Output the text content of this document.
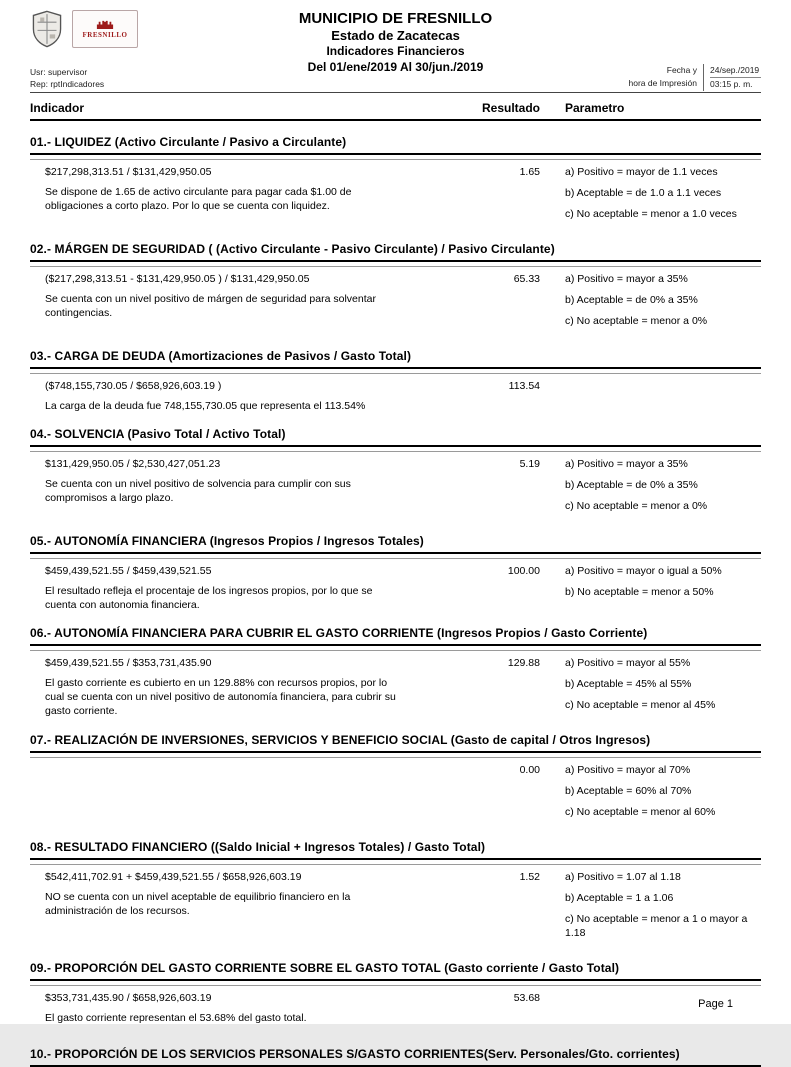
FRESNILLO
MUNICIPIO DE FRESNILLO
Estado de Zacatecas
Indicadores Financieros
Del 01/ene/2019 Al 30/jun./2019
Usr: supervisor
Rep: rptIndicadores
Fecha y
hora de Impresión
24/sep./2019
03:15 p. m.
Indicador	Resultado	Parametro
01.- LIQUIDEZ (Activo Circulante / Pasivo a Circulante)
$217,298,313.51 / $131,429,950.05
Se dispone de 1.65 de activo circulante para pagar cada $1.00 de obligaciones a corto plazo. Por lo que se cuenta con liquidez.
1.65 a) Positivo = mayor de 1.1 veces
b) Aceptable = de 1.0 a 1.1 veces
c) No aceptable = menor a 1.0 veces
02.- MÁRGEN DE SEGURIDAD ( (Activo Circulante - Pasivo Circulante) / Pasivo Circulante)
($217,298,313.51 - $131,429,950.05 ) / $131,429,950.05
Se cuenta con un nivel positivo de márgen de seguridad para solventar contingencias.
65.33 a) Positivo = mayor a 35%
b) Aceptable = de 0% a 35%
c) No aceptable = menor a 0%
03.- CARGA DE DEUDA (Amortizaciones de Pasivos / Gasto Total)
($748,155,730.05 / $658,926,603.19 )
La carga de la deuda fue 748,155,730.05 que representa el 113.54%
113.54
04.- SOLVENCIA (Pasivo Total / Activo Total)
$131,429,950.05 / $2,530,427,051.23
Se cuenta con un nivel positivo de solvencia para cumplir con sus compromisos a largo plazo.
5.19 a) Positivo = mayor a 35%
b) Aceptable = de 0% a 35%
c) No aceptable = menor a 0%
05.- AUTONOMÍA FINANCIERA (Ingresos Propios / Ingresos Totales)
$459,439,521.55 / $459,439,521.55
El resultado refleja el procentaje de los ingresos propios, por lo que se cuenta con autonomia financiera.
100.00 a) Positivo = mayor o igual a 50%
b) No aceptable = menor a 50%
06.- AUTONOMÍA FINANCIERA PARA CUBRIR EL GASTO CORRIENTE (Ingresos Propios / Gasto Corriente)
$459,439,521.55 / $353,731,435.90
El gasto corriente es cubierto en un 129.88% con recursos propios, por lo cual se cuenta con un nivel positivo de autonomía financiera, para cubrir su gasto corriente.
129.88 a) Positivo = mayor al 55%
b) Aceptable = 45% al 55%
c) No aceptable = menor al 45%
07.- REALIZACIÓN DE INVERSIONES, SERVICIOS Y BENEFICIO SOCIAL (Gasto de capital / Otros Ingresos)
0.00 a) Positivo = mayor al 70%
b) Aceptable = 60% al 70%
c) No aceptable = menor al 60%
08.- RESULTADO FINANCIERO ((Saldo Inicial + Ingresos Totales) / Gasto Total)
$542,411,702.91 + $459,439,521.55 / $658,926,603.19
NO se cuenta con un nivel aceptable de equilibrio financiero en la administración de los recursos.
1.52 a) Positivo = 1.07 al 1.18
b) Aceptable = 1 a 1.06
c) No aceptable = menor a 1 o mayor a 1.18
09.- PROPORCIÓN DEL GASTO CORRIENTE SOBRE EL GASTO TOTAL (Gasto corriente / Gasto Total)
$353,731,435.90 / $658,926,603.19
El gasto corriente representan el 53.68% del gasto total.
53.68
10.- PROPORCIÓN DE LOS SERVICIOS PERSONALES S/GASTO CORRIENTES(Serv. Personales/Gto. corrientes)
Page 1
